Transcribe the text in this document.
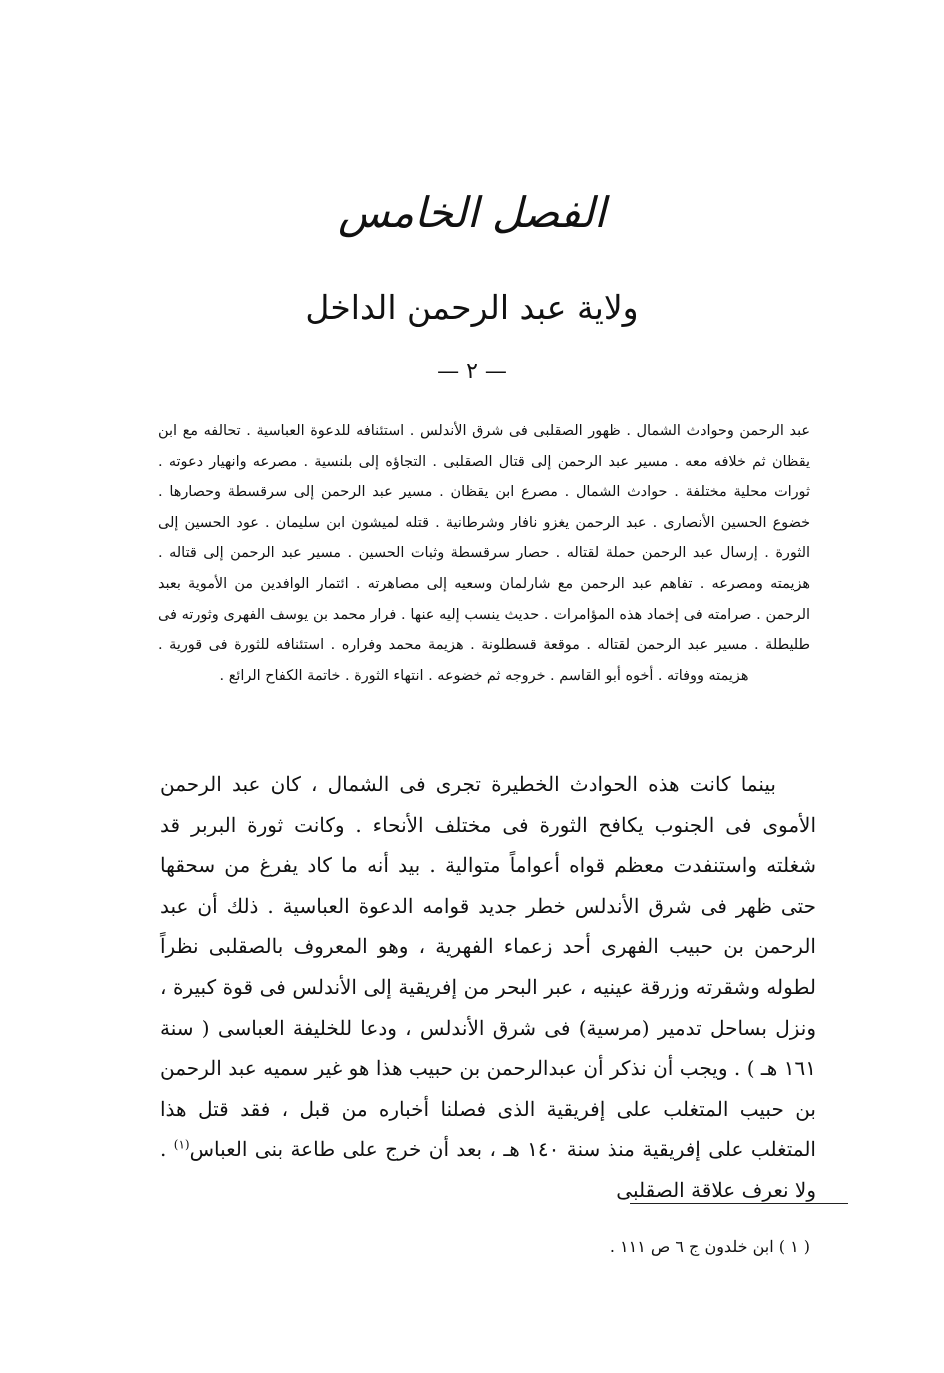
الفصل الخامس
ولاية عبد الرحمن الداخل
— ٢ —
عبد الرحمن وحوادث الشمال . ظهور الصقلبى فى شرق الأندلس . استئنافه للدعوة العباسية . تحالفه مع ابن يقظان ثم خلافه معه . مسير عبد الرحمن إلى قتال الصقلبى . التجاؤه إلى بلنسية . مصرعه وانهيار دعوته . ثورات محلية مختلفة . حوادث الشمال . مصرع ابن يقظان . مسير عبد الرحمن إلى سرقسطة وحصارها . خضوع الحسين الأنصارى . عبد الرحمن يغزو نافار وشرطانية . قتله لميشون ابن سليمان . عود الحسين إلى الثورة . إرسال عبد الرحمن حملة لقتاله . حصار سرقسطة وثبات الحسين . مسير عبد الرحمن إلى قتاله . هزيمته ومصرعه . تفاهم عبد الرحمن مع شارلمان وسعيه إلى مصاهرته . ائتمار الوافدين من الأموية بعبد الرحمن . صرامته فى إخماد هذه المؤامرات . حديث ينسب إليه عنها . فرار محمد بن يوسف الفهرى وثورته فى طليطلة . مسير عبد الرحمن لقتاله . موقعة قسطلونة . هزيمة محمد وفراره . استئنافه للثورة فى قورية . هزيمته ووفاته . أخوه أبو القاسم . خروجه ثم خضوعه . انتهاء الثورة . خاتمة الكفاح الرائع .

بينما كانت هذه الحوادث الخطيرة تجرى فى الشمال ، كان عبد الرحمن الأموى فى الجنوب يكافح الثورة فى مختلف الأنحاء . وكانت ثورة البربر قد شغلته واستنفدت معظم قواه أعواماً متوالية . بيد أنه ما كاد يفرغ من سحقها حتى ظهر فى شرق الأندلس خطر جديد قوامه الدعوة العباسية . ذلك أن عبد الرحمن بن حبيب الفهرى أحد زعماء الفهرية ، وهو المعروف بالصقلبى نظراً لطوله وشقرته وزرقة عينيه ، عبر البحر من إفريقية إلى الأندلس فى قوة كبيرة ، ونزل بساحل تدمير (مرسية) فى شرق الأندلس ، ودعا للخليفة العباسى ( سنة ١٦١ هـ ) . ويجب أن نذكر أن عبدالرحمن بن حبيب هذا هو غير سميه عبد الرحمن بن حبيب المتغلب على إفريقية الذى فصلنا أخباره من قبل ، فقد قتل هذا المتغلب على إفريقية منذ سنة ١٤٠ هـ ، بعد أن خرج على طاعة بنى العباس$^{(١)}$ . ولا نعرف علاقة الصقلبى

( ١ ) ابن خلدون ج ٦ ص ١١١ .
